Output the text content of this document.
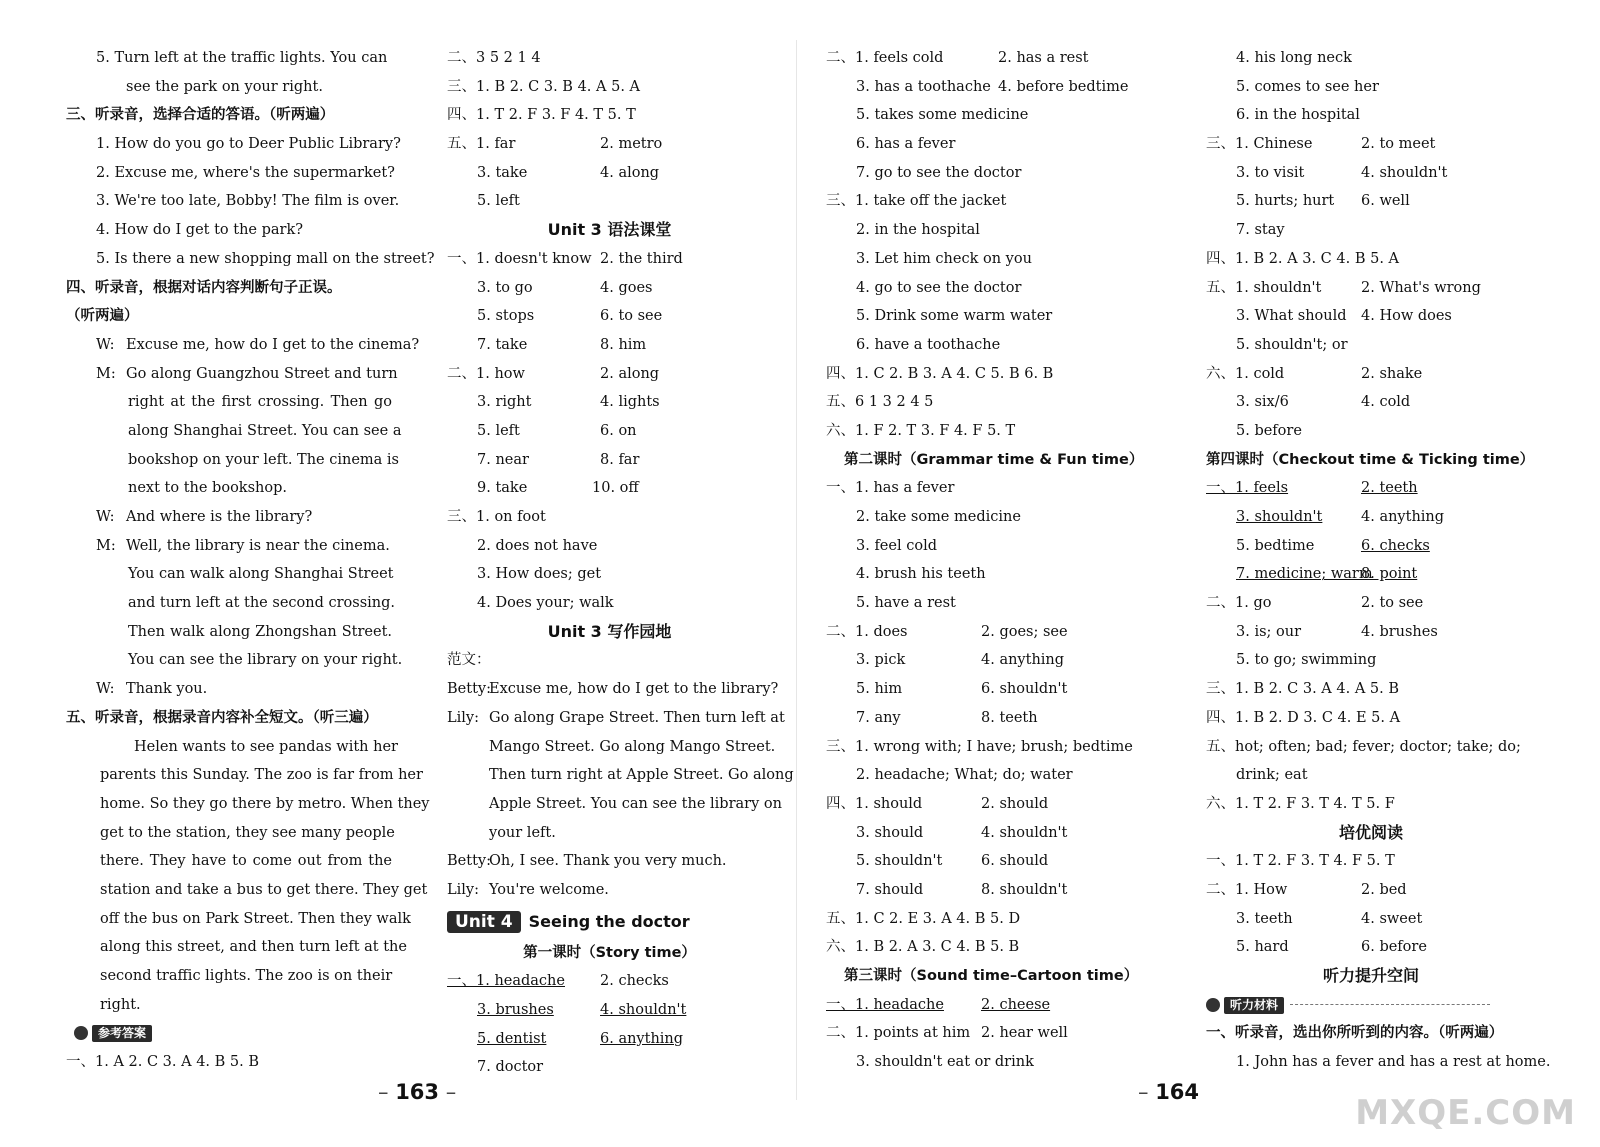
5. Turn left at the traffic lights. You can
see the park on your right.
三、听录音，选择合适的答语。（听两遍）
1. How do you go to Deer Public Library?
2. Excuse me, where's the supermarket?
3. We're too late, Bobby! The film is over.
4. How do I get to the park?
5. Is there a new shopping mall on the street?
四、听录音，根据对话内容判断句子正误。
（听两遍）
W: Excuse me, how do I get to the cinema?
M: Go along Guangzhou Street and turn
right at the first crossing. Then go
along Shanghai Street. You can see a
bookshop on your left. The cinema is
next to the bookshop.
W: And where is the library?
M: Well, the library is near the cinema.
You can walk along Shanghai Street
and turn left at the second crossing.
Then walk along Zhongshan Street.
You can see the library on your right.
W: Thank you.
五、听录音，根据录音内容补全短文。（听三遍）
Helen wants to see pandas with her
parents this Sunday. The zoo is far from her
home. So they go there by metro. When they
get to the station, they see many people
there. They have to come out from the
station and take a bus to get there. They get
off the bus on Park Street. Then they walk
along this street, and then turn left at the
second traffic lights. The zoo is on their
right.
参考答案
一、1. A 2. C 3. A 4. B 5. B
二、3 5 2 1 4
三、1. B 2. C 3. B 4. A 5. A
四、1. T 2. F 3. F 4. T 5. T
五、1. far	2. metro
3. take	4. along
5. left
Unit 3 语法课堂
一、1. doesn't know 2. the third
3. to go	4. goes
5. stops	6. to see
7. take	8. him
二、1. how	2. along
3. right	4. lights
5. left	6. on
7. near	8. far
9. take	10. off
三、1. on foot
2. does not have
3. How does; get
4. Does your; walk
Unit 3 写作园地
范文：
Betty:Excuse me, how do I get to the library?
Lily: Go along Grape Street. Then turn left at
Mango Street. Go along Mango Street.
Then turn right at Apple Street. Go along
Apple Street. You can see the library on
your left.
Betty:Oh, I see. Thank you very much.
Lily: You're welcome.
Unit 4 Seeing the doctor
第一课时（Story time）
一、1. headache 2. checks
3. brushes	4. shouldn't
5. dentist	6. anything
7. doctor
二、1. feels cold	2. has a rest
3. has a toothache 4. before bedtime
5. takes some medicine
6. has a fever
7. go to see the doctor
三、1. take off the jacket
2. in the hospital
3. Let him check on you
4. go to see the doctor
5. Drink some warm water
6. have a toothache
四、1. C 2. B 3. A 4. C 5. B 6. B
五、6 1 3 2 4 5
六、1. F 2. T 3. F 4. F 5. T
第二课时（Grammar time & Fun time）
一、1. has a fever
2. take some medicine
3. feel cold
4. brush his teeth
5. have a rest
二、1. does	2. goes; see
3. pick	4. anything
5. him	6. shouldn't
7. any	8. teeth
三、1. wrong with; I have; brush; bedtime
2. headache; What; do; water
四、1. should	2. should
3. should	4. shouldn't
5. shouldn't	6. should
7. should	8. shouldn't
五、1. C 2. E 3. A 4. B 5. D
六、1. B 2. A 3. C 4. B 5. B
第三课时（Sound time–Cartoon time）
一、1. headache	2. cheese
二、1. points at him 2. hear well
3. shouldn't eat or drink
4. his long neck
5. comes to see her
6. in the hospital
三、1. Chinese	2. to meet
3. to visit	4. shouldn't
5. hurts; hurt 6. well
7. stay
四、1. B 2. A 3. C 4. B 5. A
五、1. shouldn't	2. What's wrong
3. What should 4. How does
5. shouldn't; or
六、1. cold	2. shake
3. six/6	4. cold
5. before
第四课时（Checkout time & Ticking time）
一、1. feels	2. teeth
3. shouldn't	4. anything
5. bedtime	6. checks
7. medicine; warm8. point
二、1. go	2. to see
3. is; our	4. brushes
5. to go; swimming
三、1. B 2. C 3. A 4. A 5. B
四、1. B 2. D 3. C 4. E 5. A
五、hot; often; bad; fever; doctor; take; do;
drink; eat
六、1. T 2. F 3. T 4. T 5. F
培优阅读
一、1. T 2. F 3. T 4. F 5. T
二、1. How	2. bed
3. teeth	4. sweet
5. hard	6. before
听力提升空间
听力材料
一、听录音，选出你所听到的内容。（听两遍）
1. John has a fever and has a rest at home.
– 163 –	– 164
MXQE.COM
